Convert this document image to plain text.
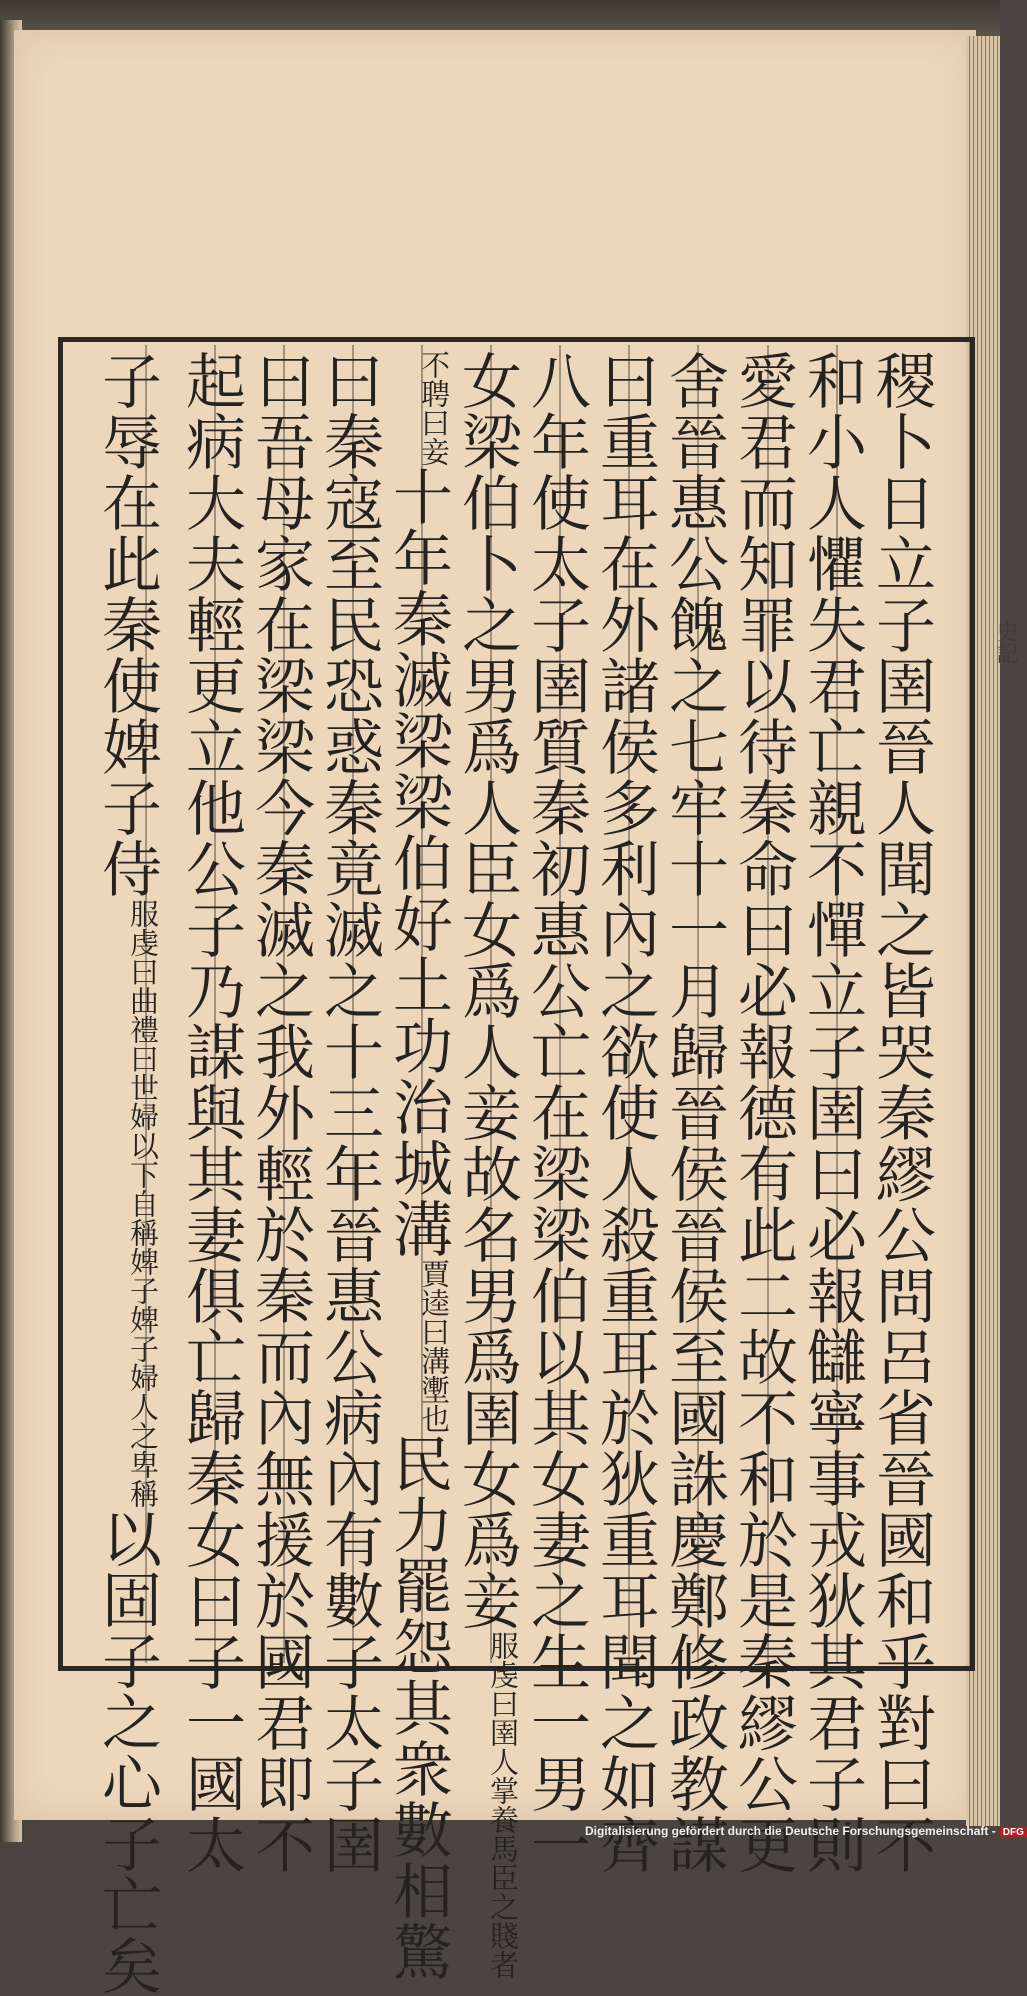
史記
稷卜日立子圉晉人聞之皆哭秦繆公問呂省晉國和乎對曰不
和小人懼失君亡親不憚立子圉曰必報讎寧事戎狄其君子則
愛君而知罪以待秦命曰必報德有此二故不和於是秦繆公更
舍晉惠公餽之七牢十一月歸晉侯晉侯至國誅慶鄭修政教謀
曰重耳在外諸侯多利內之欲使人殺重耳於狄重耳聞之如齊
八年使太子圉質秦初惠公亡在梁梁伯以其女妻之生一男一
女梁伯卜之男爲人臣女爲人妾故名男爲圉女爲妾服虔曰圉人掌養馬臣之賤者
不聘曰妾十年秦滅梁梁伯好土功治城溝賈逵曰溝壍也民力罷怨其衆數相驚
曰秦寇至民恐惑秦竟滅之十三年晉惠公病內有數子太子圉
曰吾母家在梁梁今秦滅之我外輕於秦而內無援於國君即不
起病大夫輕更立他公子乃謀與其妻俱亡歸秦女曰子一國太
子辱在此秦使婢子侍服虔曰曲禮曰世婦以下自稱婢子婢子婦人之卑稱以固子之心子亡矣	Digitalisierung gefördert durch die Deutsche Forschungsgemeinschaft - DFG
